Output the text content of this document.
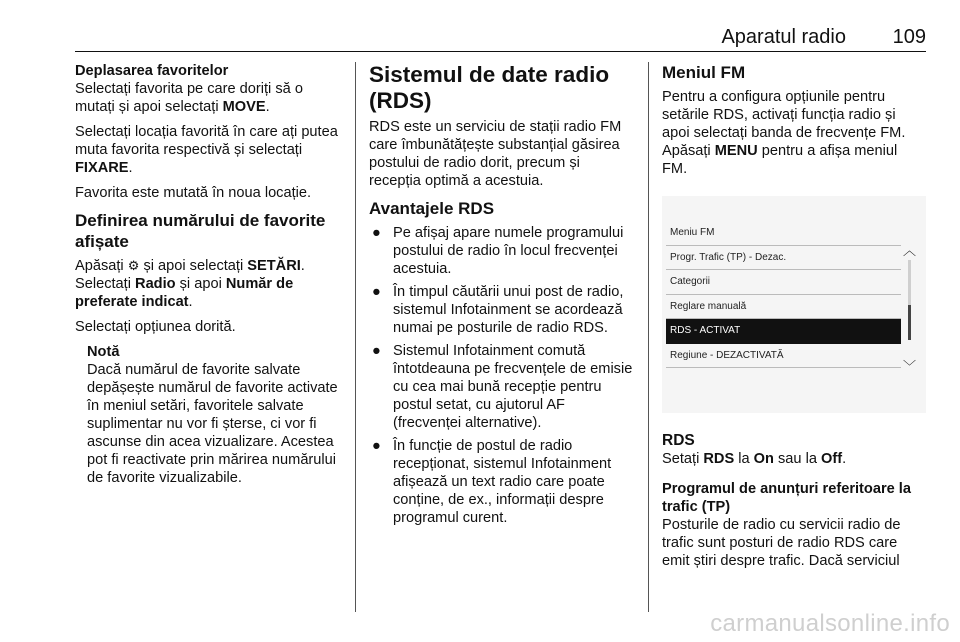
Aparatul radio 109
Deplasarea favoritelor

Selectați favorita pe care doriți să o mutați și apoi selectați MOVE.

Selectați locația favorită în care ați putea muta favorita respectivă și selectați FIXARE.

Favorita este mutată în noua locație.

Definirea numărului de favorite afișate

Apăsați ⚙ și apoi selectați SETĂRI. Selectați Radio și apoi Număr de preferate indicat.

Selectați opțiunea dorită.

Notă

Dacă numărul de favorite salvate depășește numărul de favorite activate în meniul setări, favoritele salvate suplimentar nu vor fi șterse, ci vor fi ascunse din acea vizualizare. Acestea pot fi reactivate prin mărirea numărului de favorite vizualizabile.

Sistemul de date radio (RDS)

RDS este un serviciu de stații radio FM care îmbunătățește substanțial găsirea postului de radio dorit, precum și recepția optimă a acestuia.

Avantajele RDS
● Pe afișaj apare numele programului postului de radio în locul frecvenței acestuia.
● În timpul căutării unui post de radio, sistemul Infotainment se acordează numai pe posturile de radio RDS.
● Sistemul Infotainment comută întotdeauna pe frecvențele de emisie cu cea mai bună recepție pentru postul setat, cu ajutorul AF (frecvenței alternative).
● În funcție de postul de radio recepționat, sistemul Infotainment afișează un text radio care poate conține, de ex., informații despre programul curent.
Meniul FM

Pentru a configura opțiunile pentru setările RDS, activați funcția radio și apoi selectați banda de frecvențe FM. Apăsați MENU pentru a afișa meniul FM.

Meniu FM
Progr. Trafic (TP) - Dezac.
Categorii
Reglare manuală
RDS - ACTIVAT
Regiune - DEZACTIVATĂ
︿
﹀
RDS

Setați RDS la On sau la Off.

Programul de anunțuri referitoare la trafic (TP)

Posturile de radio cu servicii radio de trafic sunt posturi de radio RDS care emit știri despre trafic. Dacă serviciul

carmanualsonline.info
